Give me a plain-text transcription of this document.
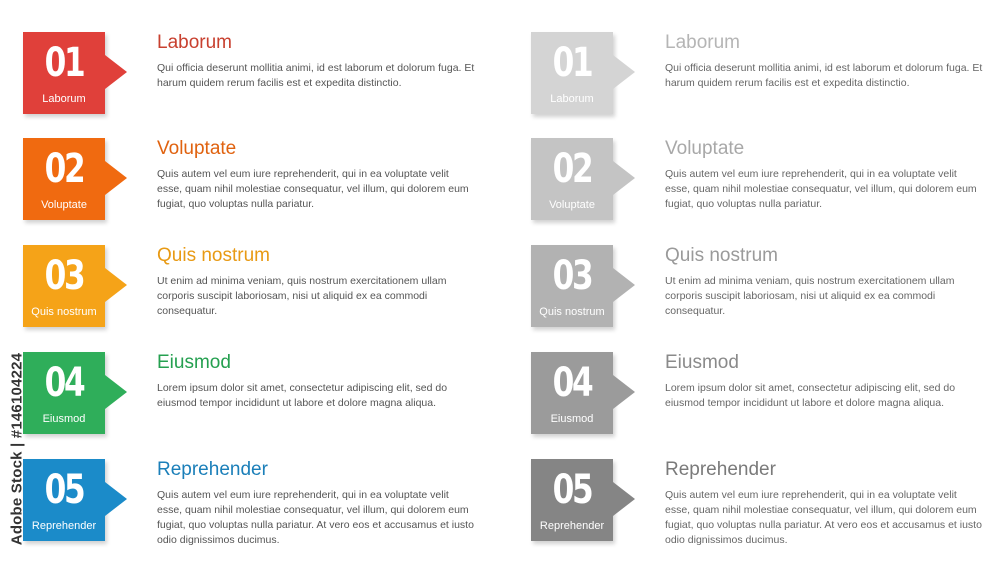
01
Laborum
Laborum
Qui officia deserunt mollitia animi, id est laborum et dolorum fuga. Et harum quidem rerum facilis est et expedita distinctio.
02
Voluptate
Voluptate
Quis autem vel eum iure reprehenderit, qui in ea voluptate velit esse, quam nihil molestiae consequatur, vel illum, qui dolorem eum fugiat, quo voluptas nulla pariatur.
03
Quis nostrum
Quis nostrum
Ut enim ad minima veniam, quis nostrum exercitationem ullam corporis suscipit laboriosam, nisi ut aliquid ex ea commodi consequatur.
04
Eiusmod
Eiusmod
Lorem ipsum dolor sit amet, consectetur adipiscing elit, sed do eiusmod tempor incididunt ut labore et dolore magna aliqua.
05
Reprehender
Reprehender
Quis autem vel eum iure reprehenderit, qui in ea voluptate velit esse, quam nihil molestiae consequatur, vel illum, qui dolorem eum fugiat, quo voluptas nulla pariatur. At vero eos et accusamus et iusto odio dignissimos ducimus.
01
Laborum
Laborum
Qui officia deserunt mollitia animi, id est laborum et dolorum fuga. Et harum quidem rerum facilis est et expedita distinctio.
02
Voluptate
Voluptate
Quis autem vel eum iure reprehenderit, qui in ea voluptate velit esse, quam nihil molestiae consequatur, vel illum, qui dolorem eum fugiat, quo voluptas nulla pariatur.
03
Quis nostrum
Quis nostrum
Ut enim ad minima veniam, quis nostrum exercitationem ullam corporis suscipit laboriosam, nisi ut aliquid ex ea commodi consequatur.
04
Eiusmod
Eiusmod
Lorem ipsum dolor sit amet, consectetur adipiscing elit, sed do eiusmod tempor incididunt ut labore et dolore magna aliqua.
05
Reprehender
Reprehender
Quis autem vel eum iure reprehenderit, qui in ea voluptate velit esse, quam nihil molestiae consequatur, vel illum, qui dolorem eum fugiat, quo voluptas nulla pariatur. At vero eos et accusamus et iusto odio dignissimos ducimus.
Adobe Stock | #146104224
